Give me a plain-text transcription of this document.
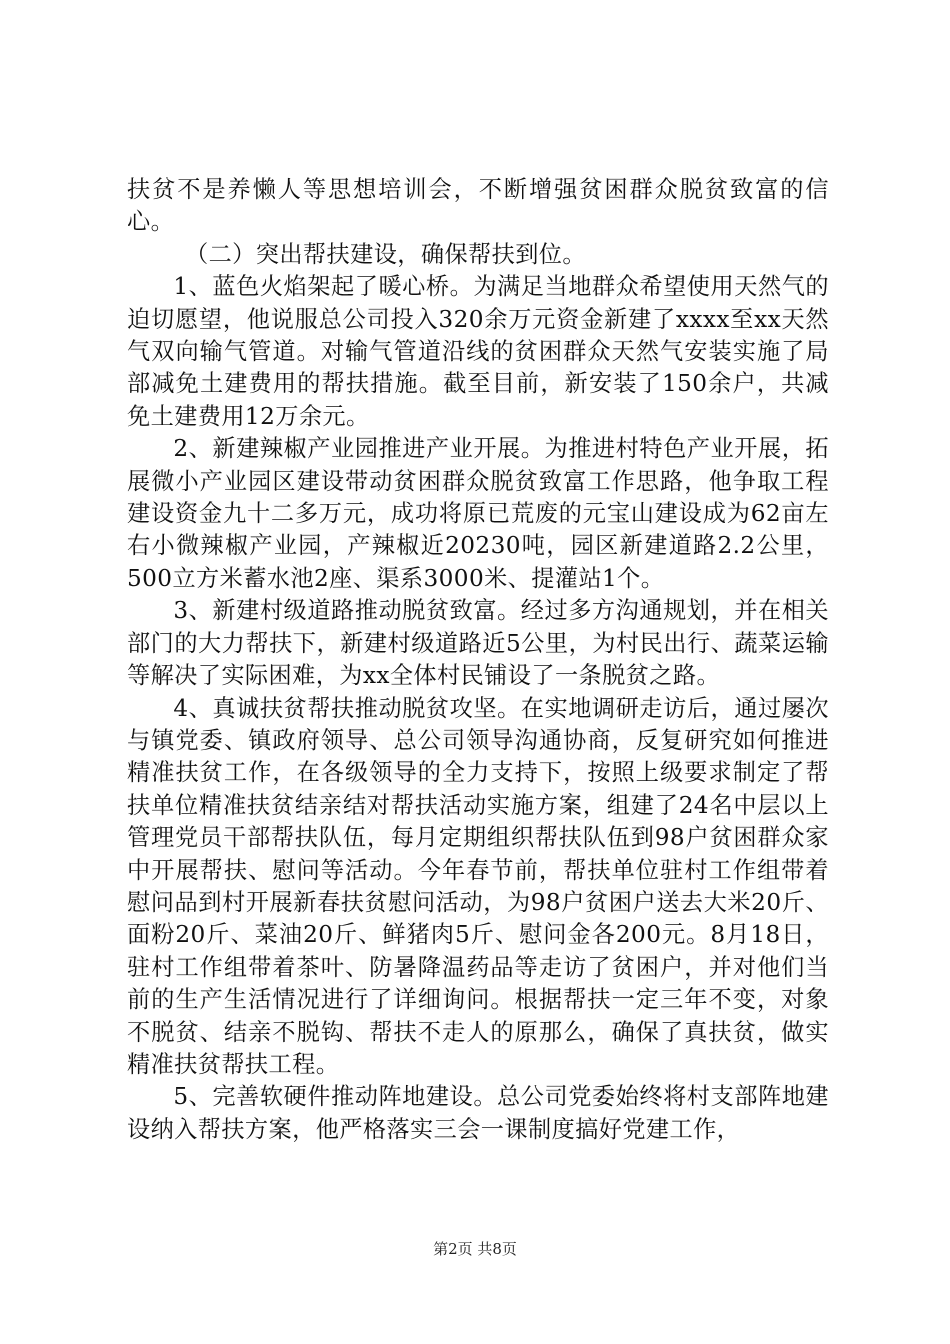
扶贫不是养懒人等思想培训会，不断增强贫困群众脱贫致富的信心。

（二）突出帮扶建设，确保帮扶到位。

1、蓝色火焰架起了暖心桥。为满足当地群众希望使用天然气的迫切愿望，他说服总公司投入320余万元资金新建了xxxx至xx天然气双向输气管道。对输气管道沿线的贫困群众天然气安装实施了局部减免土建费用的帮扶措施。截至目前，新安装了150余户，共减免土建费用12万余元。

2、新建辣椒产业园推进产业开展。为推进村特色产业开展，拓展微小产业园区建设带动贫困群众脱贫致富工作思路，他争取工程建设资金九十二多万元，成功将原已荒废的元宝山建设成为62亩左右小微辣椒产业园，产辣椒近20230吨，园区新建道路2.2公里，500立方米蓄水池2座、渠系3000米、提灌站1个。

3、新建村级道路推动脱贫致富。经过多方沟通规划，并在相关部门的大力帮扶下，新建村级道路近5公里，为村民出行、蔬菜运输等解决了实际困难，为xx全体村民铺设了一条脱贫之路。

4、真诚扶贫帮扶推动脱贫攻坚。在实地调研走访后，通过屡次与镇党委、镇政府领导、总公司领导沟通协商，反复研究如何推进精准扶贫工作，在各级领导的全力支持下，按照上级要求制定了帮扶单位精准扶贫结亲结对帮扶活动实施方案，组建了24名中层以上管理党员干部帮扶队伍，每月定期组织帮扶队伍到98户贫困群众家中开展帮扶、慰问等活动。今年春节前，帮扶单位驻村工作组带着慰问品到村开展新春扶贫慰问活动，为98户贫困户送去大米20斤、面粉20斤、菜油20斤、鲜猪肉5斤、慰问金各200元。8月18日，驻村工作组带着茶叶、防暑降温药品等走访了贫困户，并对他们当前的生产生活情况进行了详细询问。根据帮扶一定三年不变，对象不脱贫、结亲不脱钩、帮扶不走人的原那么，确保了真扶贫，做实精准扶贫帮扶工程。

5、完善软硬件推动阵地建设。总公司党委始终将村支部阵地建设纳入帮扶方案，他严格落实三会一课制度搞好党建工作，

第2页 共8页
